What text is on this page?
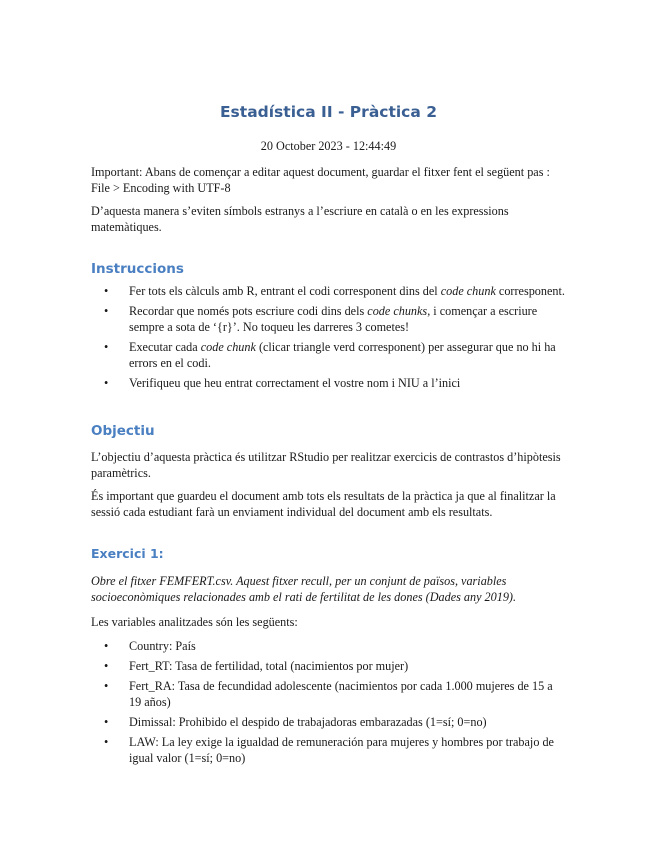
Estadística II - Pràctica 2

20 October 2023 - 12:44:49

Important: Abans de començar a editar aquest document, guardar el fitxer fent el següent pas : File > Encoding with UTF-8

D’aquesta manera s’eviten símbols estranys a l’escriure en català o en les expressions matemàtiques.

Instruccions
• Fer tots els càlculs amb R, entrant el codi corresponent dins del code chunk corresponent.
• Recordar que només pots escriure codi dins dels code chunks, i començar a escriure sempre a sota de ‘{r}’. No toqueu les darreres 3 cometes!
• Executar cada code chunk (clicar triangle verd corresponent) per assegurar que no hi ha errors en el codi.
• Verifiqueu que heu entrat correctament el vostre nom i NIU a l’inici
Objectiu

L’objectiu d’aquesta pràctica és utilitzar RStudio per realitzar exercicis de contrastos d’hipòtesis paramètrics.

És important que guardeu el document amb tots els resultats de la pràctica ja que al finalitzar la sessió cada estudiant farà un enviament individual del document amb els resultats.

Exercici 1:

Obre el fitxer FEMFERT.csv. Aquest fitxer recull, per un conjunt de països, variables socioeconòmiques relacionades amb el rati de fertilitat de les dones (Dades any 2019).

Les variables analitzades són les següents:

• Country: País
• Fert_RT: Tasa de fertilidad, total (nacimientos por mujer)
• Fert_RA: Tasa de fecundidad adolescente (nacimientos por cada 1.000 mujeres de 15 a 19 años)
• Dimissal: Prohibido el despido de trabajadoras embarazadas (1=sí; 0=no)
• LAW: La ley exige la igualdad de remuneración para mujeres y hombres por trabajo de igual valor (1=sí; 0=no)
